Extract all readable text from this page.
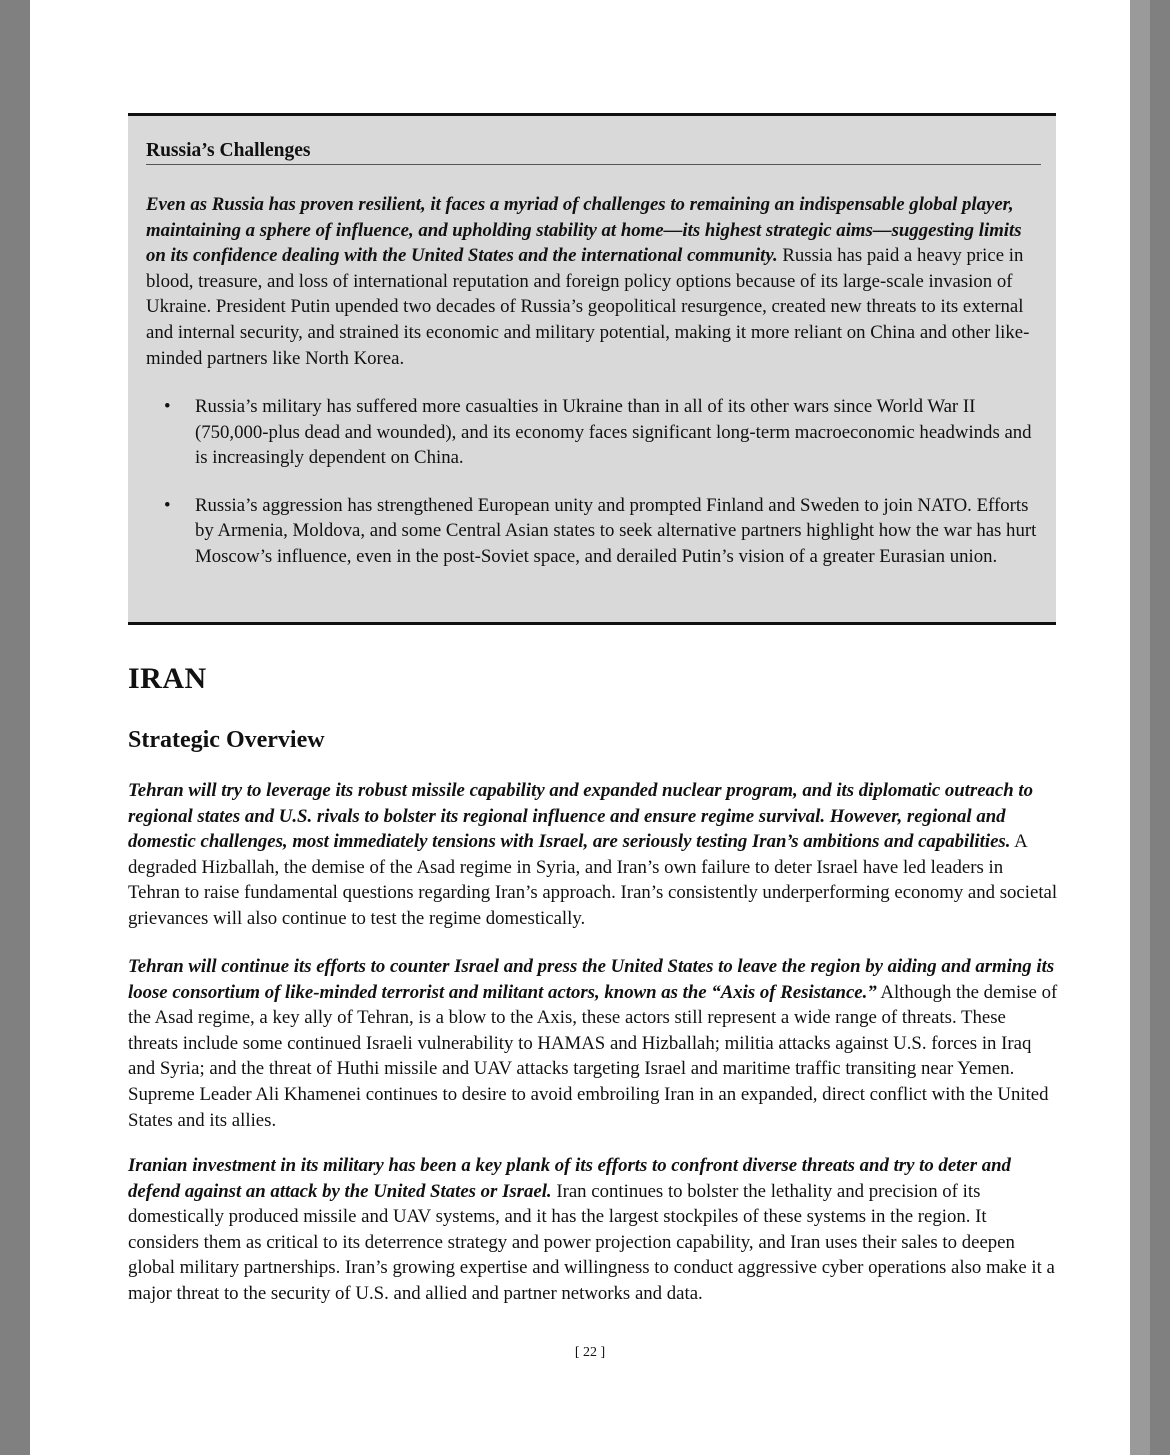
Russia’s Challenges
Even as Russia has proven resilient, it faces a myriad of challenges to remaining an indispensable global player, maintaining a sphere of influence, and upholding stability at home—its highest strategic aims—suggesting limits on its confidence dealing with the United States and the international community. Russia has paid a heavy price in blood, treasure, and loss of international reputation and foreign policy options because of its large-scale invasion of Ukraine. President Putin upended two decades of Russia’s geopolitical resurgence, created new threats to its external and internal security, and strained its economic and military potential, making it more reliant on China and other like-minded partners like North Korea.
• Russia’s military has suffered more casualties in Ukraine than in all of its other wars since World War II (750,000-plus dead and wounded), and its economy faces significant long-term macroeconomic headwinds and is increasingly dependent on China.
• Russia’s aggression has strengthened European unity and prompted Finland and Sweden to join NATO. Efforts by Armenia, Moldova, and some Central Asian states to seek alternative partners highlight how the war has hurt Moscow’s influence, even in the post-Soviet space, and derailed Putin’s vision of a greater Eurasian union.
IRAN
Strategic Overview
Tehran will try to leverage its robust missile capability and expanded nuclear program, and its diplomatic outreach to regional states and U.S. rivals to bolster its regional influence and ensure regime survival. However, regional and domestic challenges, most immediately tensions with Israel, are seriously testing Iran’s ambitions and capabilities. A degraded Hizballah, the demise of the Asad regime in Syria, and Iran’s own failure to deter Israel have led leaders in Tehran to raise fundamental questions regarding Iran’s approach. Iran’s consistently underperforming economy and societal grievances will also continue to test the regime domestically.
Tehran will continue its efforts to counter Israel and press the United States to leave the region by aiding and arming its loose consortium of like-minded terrorist and militant actors, known as the “Axis of Resistance.” Although the demise of the Asad regime, a key ally of Tehran, is a blow to the Axis, these actors still represent a wide range of threats. These threats include some continued Israeli vulnerability to HAMAS and Hizballah; militia attacks against U.S. forces in Iraq and Syria; and the threat of Huthi missile and UAV attacks targeting Israel and maritime traffic transiting near Yemen. Supreme Leader Ali Khamenei continues to desire to avoid embroiling Iran in an expanded, direct conflict with the United States and its allies.
Iranian investment in its military has been a key plank of its efforts to confront diverse threats and try to deter and defend against an attack by the United States or Israel. Iran continues to bolster the lethality and precision of its domestically produced missile and UAV systems, and it has the largest stockpiles of these systems in the region. It considers them as critical to its deterrence strategy and power projection capability, and Iran uses their sales to deepen global military partnerships. Iran’s growing expertise and willingness to conduct aggressive cyber operations also make it a major threat to the security of U.S. and allied and partner networks and data.
[ 22 ]
